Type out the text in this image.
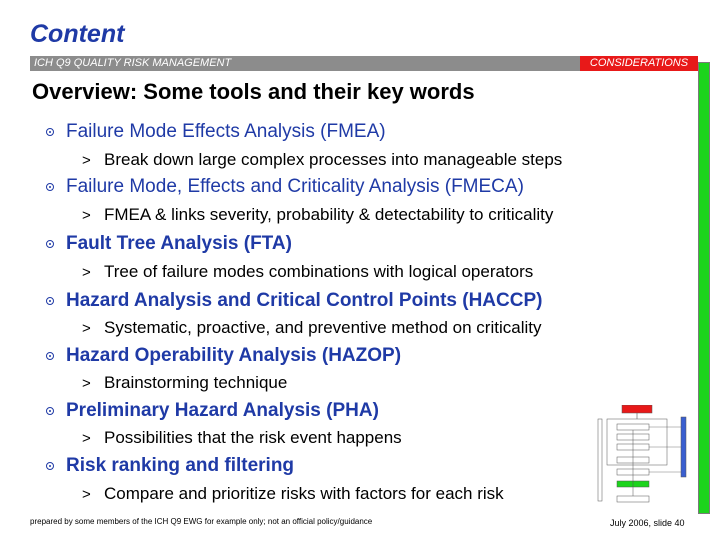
Content
ICH Q9 QUALITY RISK MANAGEMENT	CONSIDERATIONS
Overview: Some tools and their key words
Failure Mode Effects Analysis (FMEA)
> Break down large complex processes into manageable steps
Failure Mode, Effects and Criticality Analysis (FMECA)
> FMEA & links severity, probability & detectability to criticality
Fault Tree Analysis (FTA)
> Tree of failure modes combinations with logical operators
Hazard Analysis and Critical Control Points (HACCP)
> Systematic, proactive, and preventive method on criticality
Hazard Operability Analysis (HAZOP)
> Brainstorming technique
Preliminary Hazard Analysis (PHA)
> Possibilities that the risk event happens
Risk ranking and filtering
> Compare and prioritize risks with factors for each risk
prepared by some members of the ICH Q9 EWG for example only; not an official policy/guidance	July 2006, slide 40
